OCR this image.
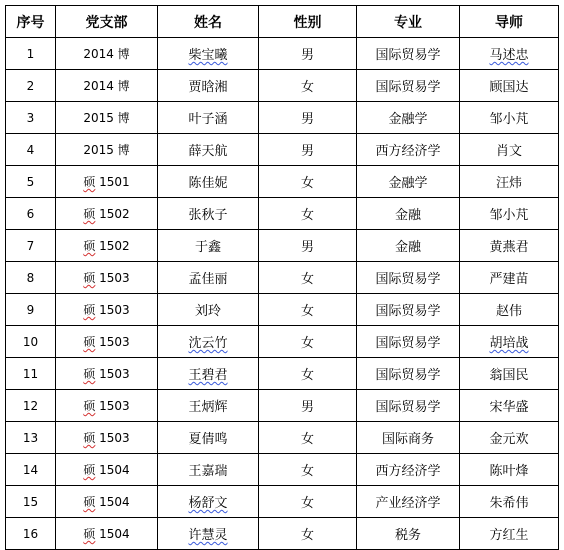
序号	党支部	姓名	性别	专业	导师
1	2014 博	柴宝曦	男	国际贸易学	马述忠
2	2014 博	贾晗湘	女	国际贸易学	顾国达
3	2015 博	叶子涵	男	金融学	邹小芃
4	2015 博	薛天航	男	西方经济学	肖文
5	硕 1501	陈佳妮	女	金融学	汪炜
6	硕 1502	张秋子	女	金融	邹小芃
7	硕 1502	于鑫	男	金融	黄燕君
8	硕 1503	孟佳丽	女	国际贸易学	严建苗
9	硕 1503	刘玲	女	国际贸易学	赵伟
10	硕 1503	沈云竹	女	国际贸易学	胡培战
11	硕 1503	王碧君	女	国际贸易学	翁国民
12	硕 1503	王炳辉	男	国际贸易学	宋华盛
13	硕 1503	夏倩鸣	女	国际商务	金元欢
14	硕 1504	王嘉瑞	女	西方经济学	陈叶烽
15	硕 1504	杨舒文	女	产业经济学	朱希伟
16	硕 1504	许慧灵	女	税务	方红生
